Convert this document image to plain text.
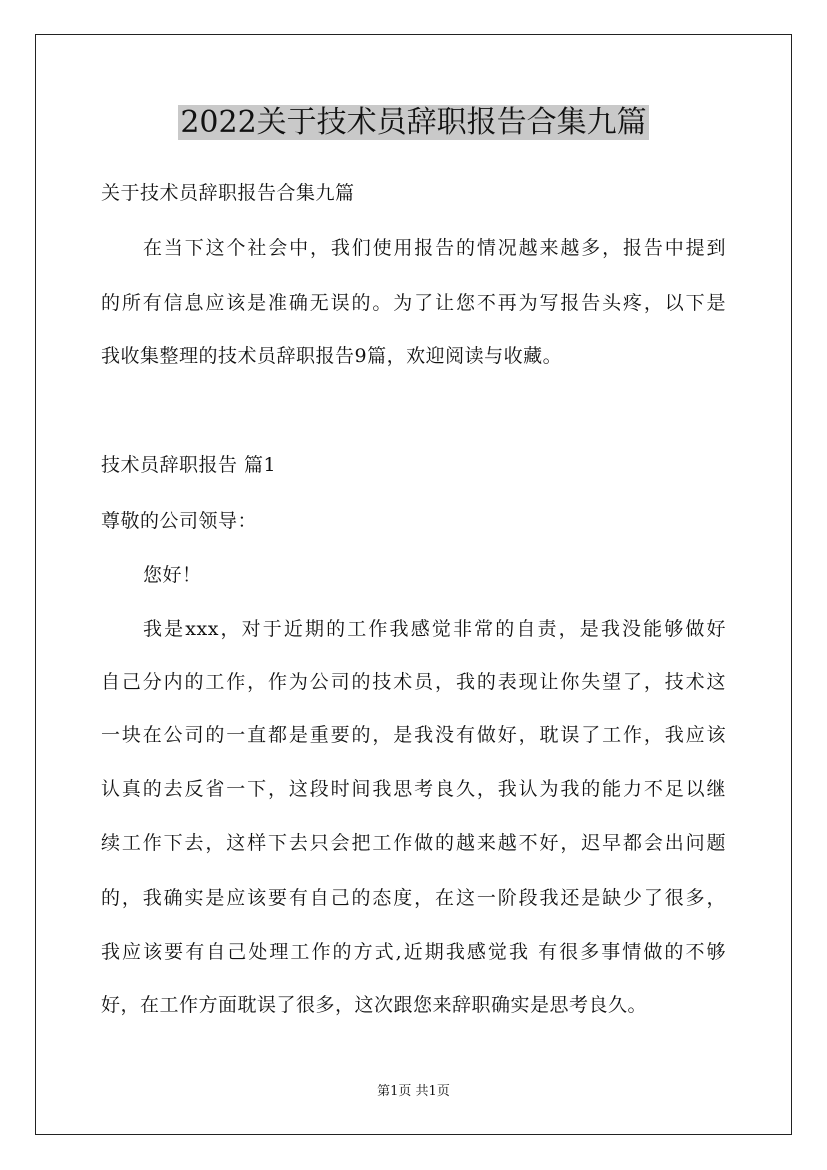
2022关于技术员辞职报告合集九篇
关于技术员辞职报告合集九篇
在当下这个社会中，我们使用报告的情况越来越多，报告中提到
的所有信息应该是准确无误的。为了让您不再为写报告头疼，以下是
我收集整理的技术员辞职报告9篇，欢迎阅读与收藏。
技术员辞职报告 篇1
尊敬的公司领导：
您好！
我是xxx，对于近期的工作我感觉非常的自责，是我没能够做好
自己分内的工作，作为公司的技术员，我的表现让你失望了，技术这
一块在公司的一直都是重要的，是我没有做好，耽误了工作，我应该
认真的去反省一下，这段时间我思考良久，我认为我的能力不足以继
续工作下去，这样下去只会把工作做的越来越不好，迟早都会出问题
的，我确实是应该要有自己的态度，在这一阶段我还是缺少了很多，
我应该要有自己处理工作的方式,近期我感觉我 有很多事情做的不够
好，在工作方面耽误了很多，这次跟您来辞职确实是思考良久。
第1页 共1页
